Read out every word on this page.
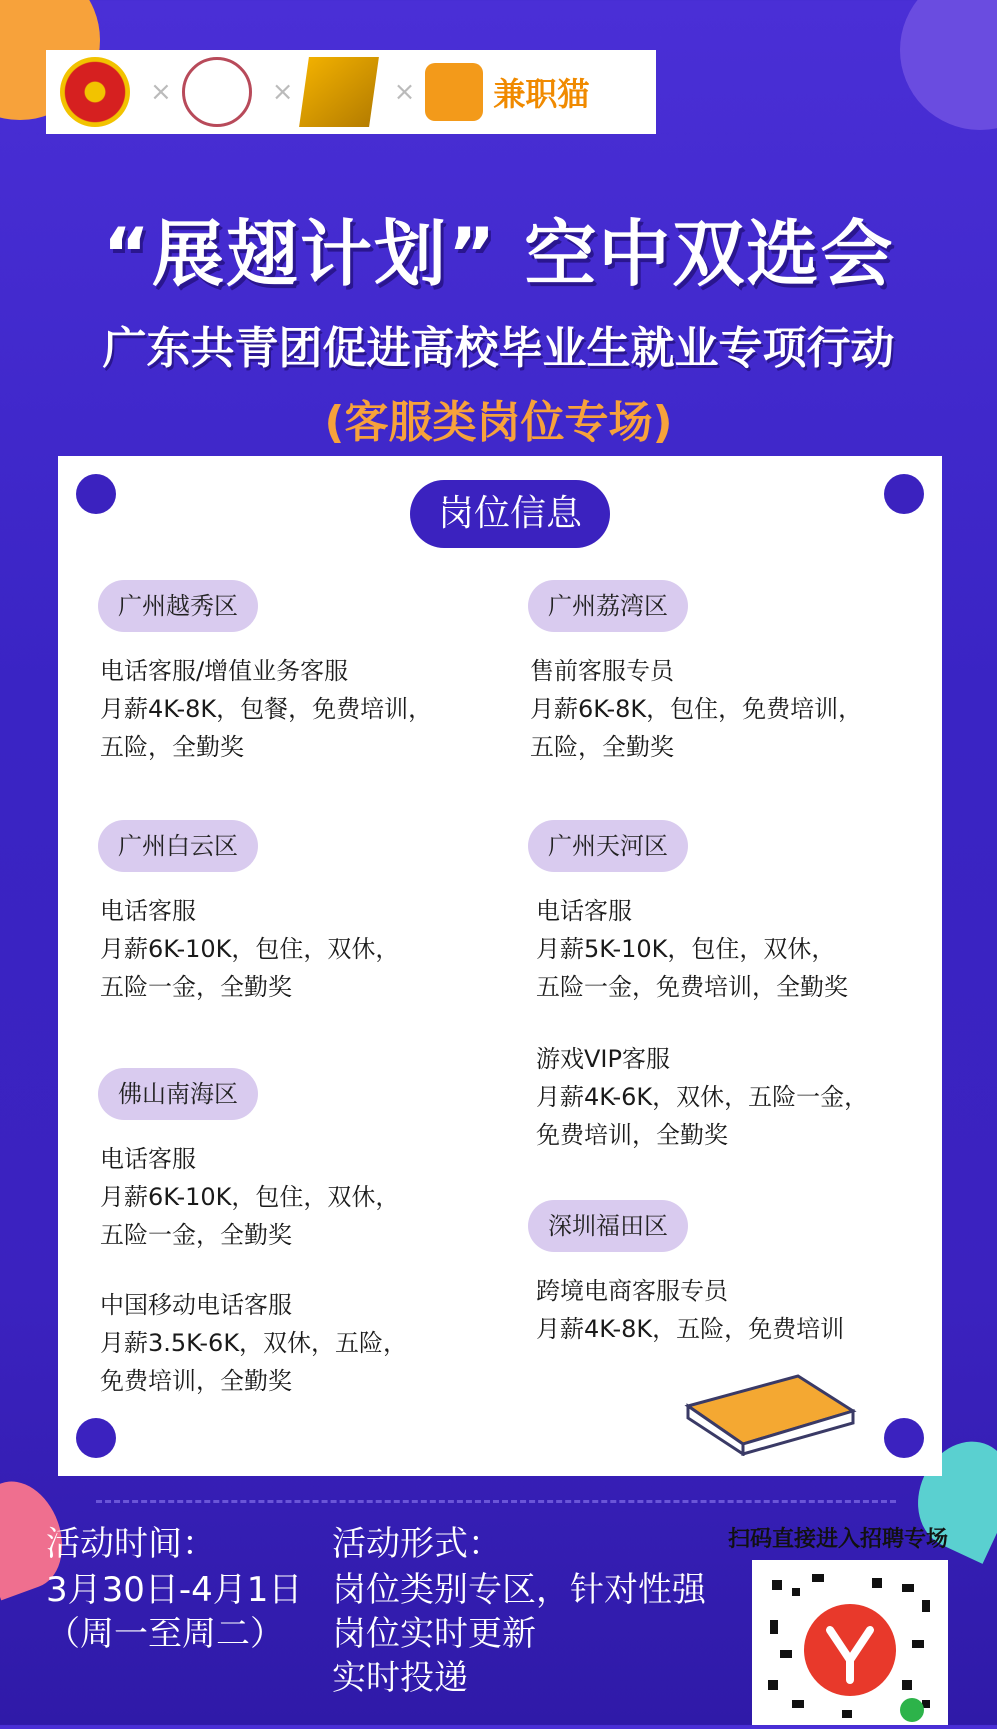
×	×	× 兼职猫
“展翅计划” 空中双选会
广东共青团促进高校毕业生就业专项行动
(客服类岗位专场)
岗位信息
广州越秀区
电话客服/增值业务客服
月薪4K-8K，包餐，免费培训，
五险，全勤奖
广州白云区
电话客服
月薪6K-10K，包住，双休，
五险一金，全勤奖
佛山南海区
电话客服
月薪6K-10K，包住，双休，
五险一金，全勤奖
中国移动电话客服
月薪3.5K-6K，双休，五险，
免费培训，全勤奖
广州荔湾区
售前客服专员
月薪6K-8K，包住，免费培训，
五险，全勤奖
广州天河区
电话客服
月薪5K-10K，包住，双休，
五险一金，免费培训，全勤奖
游戏VIP客服
月薪4K-6K，双休，五险一金，
免费培训，全勤奖
深圳福田区
跨境电商客服专员
月薪4K-8K，五险，免费培训
活动时间：
3月30日-4月1日
（周一至周二）
活动形式：
岗位类别专区，针对性强
岗位实时更新
实时投递
扫码直接进入招聘专场
